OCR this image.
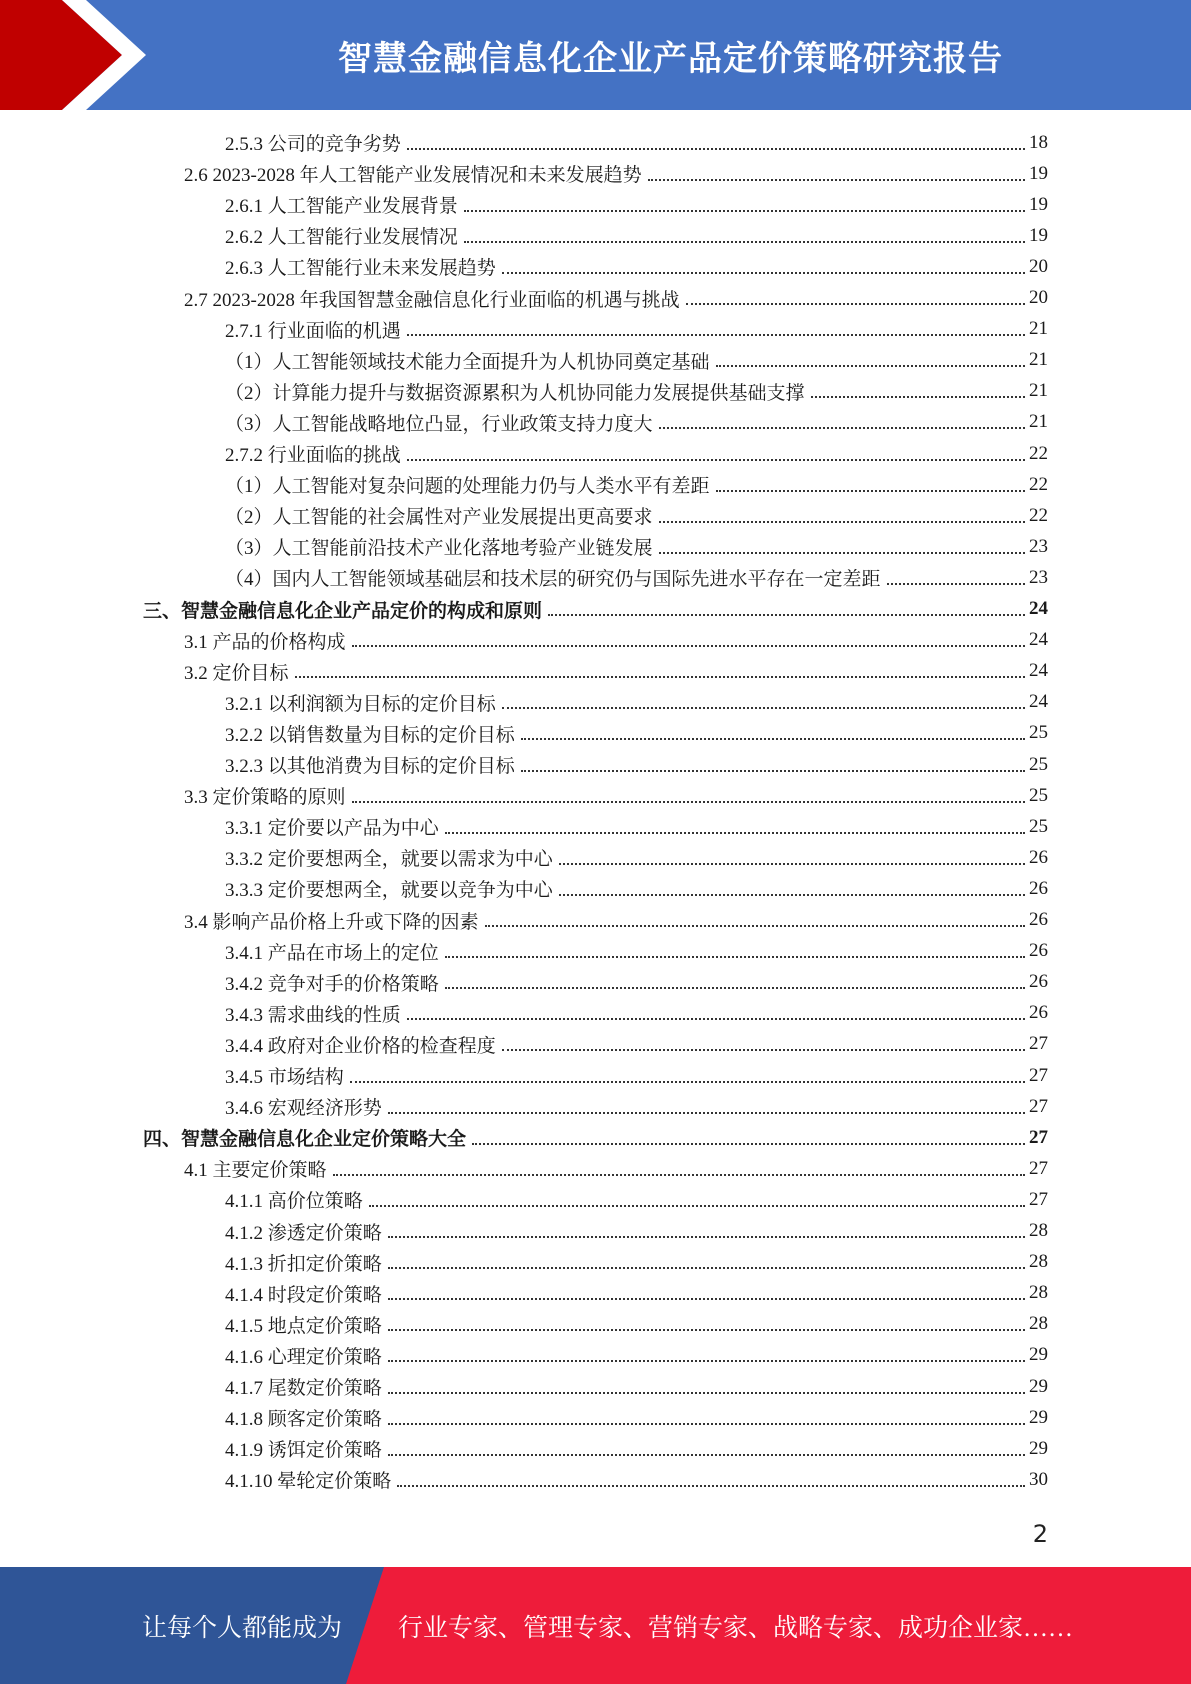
智慧金融信息化企业产品定价策略研究报告
2.5.3 公司的竞争劣势	18
2.6 2023-2028 年人工智能产业发展情况和未来发展趋势	19
2.6.1 人工智能产业发展背景	19
2.6.2 人工智能行业发展情况	19
2.6.3 人工智能行业未来发展趋势	20
2.7 2023-2028 年我国智慧金融信息化行业面临的机遇与挑战	20
2.7.1 行业面临的机遇	21
（1）人工智能领域技术能力全面提升为人机协同奠定基础	21
（2）计算能力提升与数据资源累积为人机协同能力发展提供基础支撑	21
（3）人工智能战略地位凸显，行业政策支持力度大	21
2.7.2 行业面临的挑战	22
（1）人工智能对复杂问题的处理能力仍与人类水平有差距	22
（2）人工智能的社会属性对产业发展提出更高要求	22
（3）人工智能前沿技术产业化落地考验产业链发展	23
（4）国内人工智能领域基础层和技术层的研究仍与国际先进水平存在一定差距	23
三、智慧金融信息化企业产品定价的构成和原则	24
3.1 产品的价格构成	24
3.2 定价目标	24
3.2.1 以利润额为目标的定价目标	24
3.2.2 以销售数量为目标的定价目标	25
3.2.3 以其他消费为目标的定价目标	25
3.3 定价策略的原则	25
3.3.1 定价要以产品为中心	25
3.3.2 定价要想两全，就要以需求为中心	26
3.3.3 定价要想两全，就要以竞争为中心	26
3.4 影响产品价格上升或下降的因素	26
3.4.1 产品在市场上的定位	26
3.4.2 竞争对手的价格策略	26
3.4.3 需求曲线的性质	26
3.4.4 政府对企业价格的检查程度	27
3.4.5 市场结构	27
3.4.6 宏观经济形势	27
四、智慧金融信息化企业定价策略大全	27
4.1 主要定价策略	27
4.1.1 高价位策略	27
4.1.2 渗透定价策略	28
4.1.3 折扣定价策略	28
4.1.4 时段定价策略	28
4.1.5 地点定价策略	28
4.1.6 心理定价策略	29
4.1.7 尾数定价策略	29
4.1.8 顾客定价策略	29
4.1.9 诱饵定价策略	29
4.1.10 晕轮定价策略	30
2
让每个人都能成为 行业专家、管理专家、营销专家、战略专家、成功企业家……
